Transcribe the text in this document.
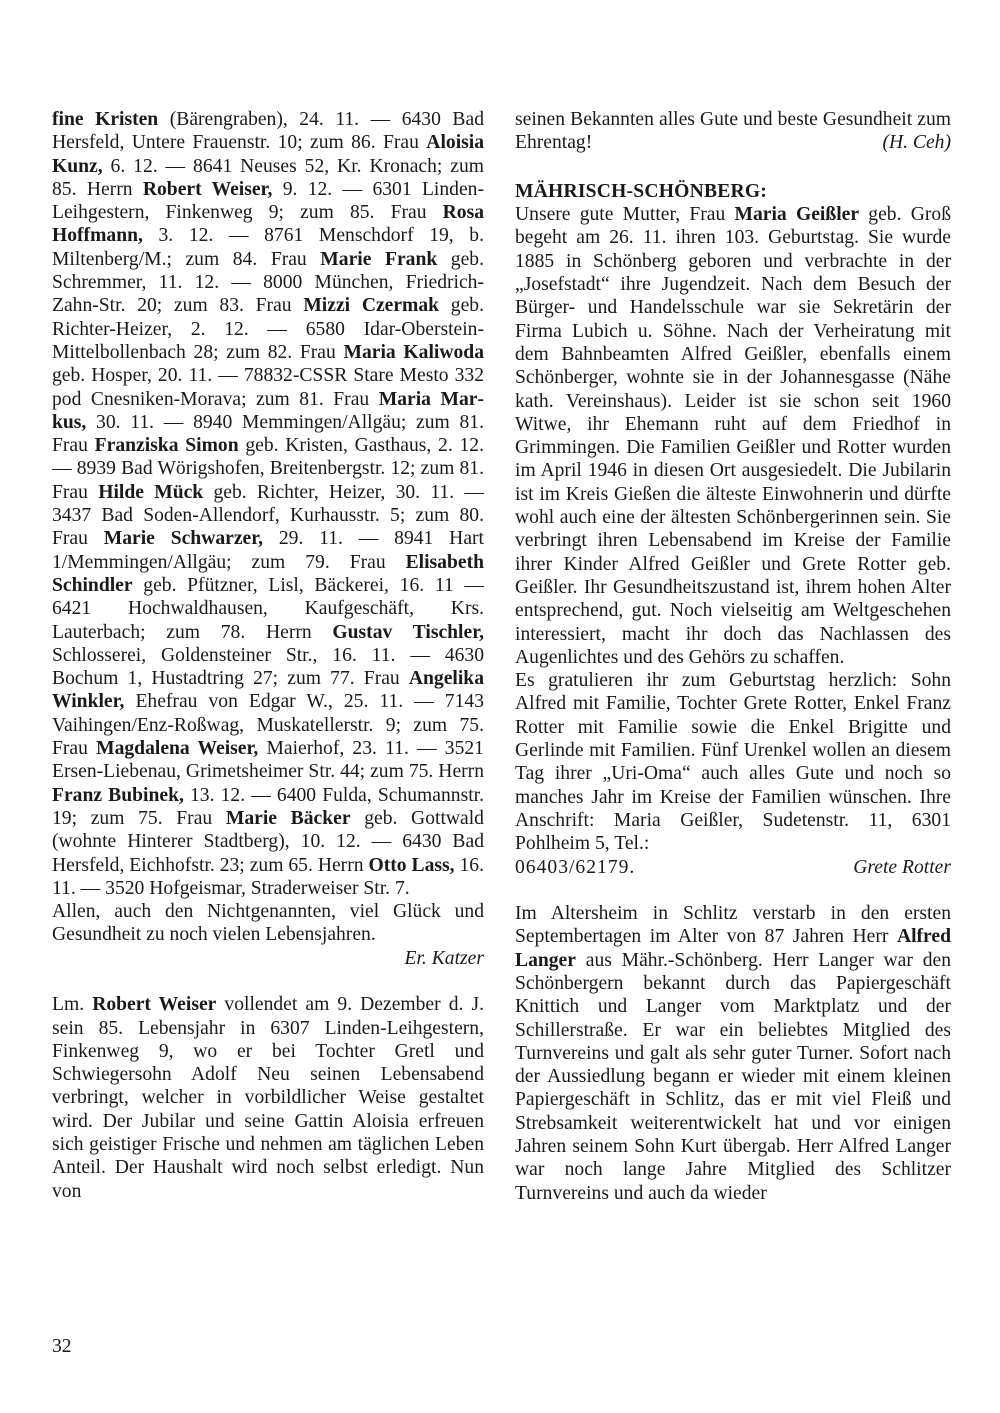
fine Kristen (Bärengraben), 24. 11. — 6430 Bad Hersfeld, Untere Frauenstr. 10; zum 86. Frau Aloisia Kunz, 6. 12. — 8641 Neuses 52, Kr. Kronach; zum 85. Herrn Robert Weiser, 9. 12. — 6301 Linden-Leihgestern, Finkenweg 9; zum 85. Frau Rosa Hoffmann, 3. 12. — 8761 Menschdorf 19, b. Miltenberg/M.; zum 84. Frau Marie Frank geb. Schremmer, 11. 12. — 8000 München, Friedrich-Zahn-Str. 20; zum 83. Frau Mizzi Czermak geb. Richter-Heizer, 2. 12. — 6580 Idar-Oberstein-Mittelbollenbach 28; zum 82. Frau Maria Kaliwoda geb. Hosper, 20. 11. — 78832-CSSR Stare Mesto 332 pod Cnesniken-Morava; zum 81. Frau Maria Markus, 30. 11. — 8940 Memmingen/Allgäu; zum 81. Frau Franziska Simon geb. Kristen, Gasthaus, 2. 12. — 8939 Bad Wörigshofen, Breitenbergstr. 12; zum 81. Frau Hilde Mück geb. Richter, Heizer, 30. 11. — 3437 Bad Soden-Allendorf, Kurhausstr. 5; zum 80. Frau Marie Schwarzer, 29. 11. — 8941 Hart 1/Memmingen/Allgäu; zum 79. Frau Elisabeth Schindler geb. Pfützner, Lisl, Bäckerei, 16. 11 — 6421 Hochwaldhausen, Kaufgeschäft, Krs. Lauterbach; zum 78. Herrn Gustav Tischler, Schlosserei, Goldensteiner Str., 16. 11. — 4630 Bochum 1, Hustadtring 27; zum 77. Frau Angelika Winkler, Ehefrau von Edgar W., 25. 11. — 7143 Vaihingen/Enz-Roßwag, Muskatellerstr. 9; zum 75. Frau Magdalena Weiser, Maierhof, 23. 11. — 3521 Ersen-Liebenau, Grimetsheimer Str. 44; zum 75. Herrn Franz Bubinek, 13. 12. — 6400 Fulda, Schumannstr. 19; zum 75. Frau Marie Bäcker geb. Gottwald (wohnte Hinterer Stadtberg), 10. 12. — 6430 Bad Hersfeld, Eichhofstr. 23; zum 65. Herrn Otto Lass, 16. 11. — 3520 Hofgeismar, Straderweiser Str. 7.

Allen, auch den Nichtgenannten, viel Glück und Gesundheit zu noch vielen Lebensjahren.

Er. Katzer

Lm. Robert Weiser vollendet am 9. Dezember d. J. sein 85. Lebensjahr in 6307 Linden-Leihgestern, Finkenweg 9, wo er bei Tochter Gretl und Schwiegersohn Adolf Neu seinen Lebensabend verbringt, welcher in vorbildlicher Weise gestaltet wird. Der Jubilar und seine Gattin Aloisia erfreuen sich geistiger Frische und nehmen am täglichen Leben Anteil. Der Haushalt wird noch selbst erledigt. Nun von

seinen Bekannten alles Gute und beste Gesundheit zum Ehrentag!	(H. Ceh)

MÄHRISCH-SCHÖNBERG:

Unsere gute Mutter, Frau Maria Geißler geb. Groß begeht am 26. 11. ihren 103. Geburtstag. Sie wurde 1885 in Schönberg geboren und verbrachte in der „Josefstadt“ ihre Jugendzeit. Nach dem Besuch der Bürger- und Handelsschule war sie Sekretärin der Firma Lubich u. Söhne. Nach der Verheiratung mit dem Bahnbeamten Alfred Geißler, ebenfalls einem Schönberger, wohnte sie in der Johannesgasse (Nähe kath. Vereinshaus). Leider ist sie schon seit 1960 Witwe, ihr Ehemann ruht auf dem Friedhof in Grimmingen. Die Familien Geißler und Rotter wurden im April 1946 in diesen Ort ausgesiedelt. Die Jubilarin ist im Kreis Gießen die älteste Einwohnerin und dürfte wohl auch eine der ältesten Schönbergerinnen sein. Sie verbringt ihren Lebensabend im Kreise der Familie ihrer Kinder Alfred Geißler und Grete Rotter geb. Geißler. Ihr Gesundheitszustand ist, ihrem hohen Alter entsprechend, gut. Noch vielseitig am Weltgeschehen interessiert, macht ihr doch das Nachlassen des Augenlichtes und des Gehörs zu schaffen.

Es gratulieren ihr zum Geburtstag herzlich: Sohn Alfred mit Familie, Tochter Grete Rotter, Enkel Franz Rotter mit Familie sowie die Enkel Brigitte und Gerlinde mit Familien. Fünf Urenkel wollen an diesem Tag ihrer „Uri-Oma“ auch alles Gute und noch so manches Jahr im Kreise der Familien wünschen. Ihre Anschrift: Maria Geißler, Sudetenstr. 11, 6301 Pohlheim 5, Tel.:

06403/62179.	Grete Rotter

Im Altersheim in Schlitz verstarb in den ersten Septembertagen im Alter von 87 Jahren Herr Alfred Langer aus Mähr.-Schönberg. Herr Langer war den Schönbergern bekannt durch das Papiergeschäft Knittich und Langer vom Marktplatz und der Schillerstraße. Er war ein beliebtes Mitglied des Turnvereins und galt als sehr guter Turner. Sofort nach der Aussiedlung begann er wieder mit einem kleinen Papiergeschäft in Schlitz, das er mit viel Fleiß und Strebsamkeit weiterentwickelt hat und vor einigen Jahren seinem Sohn Kurt übergab. Herr Alfred Langer war noch lange Jahre Mitglied des Schlitzer Turnvereins und auch da wieder

32
